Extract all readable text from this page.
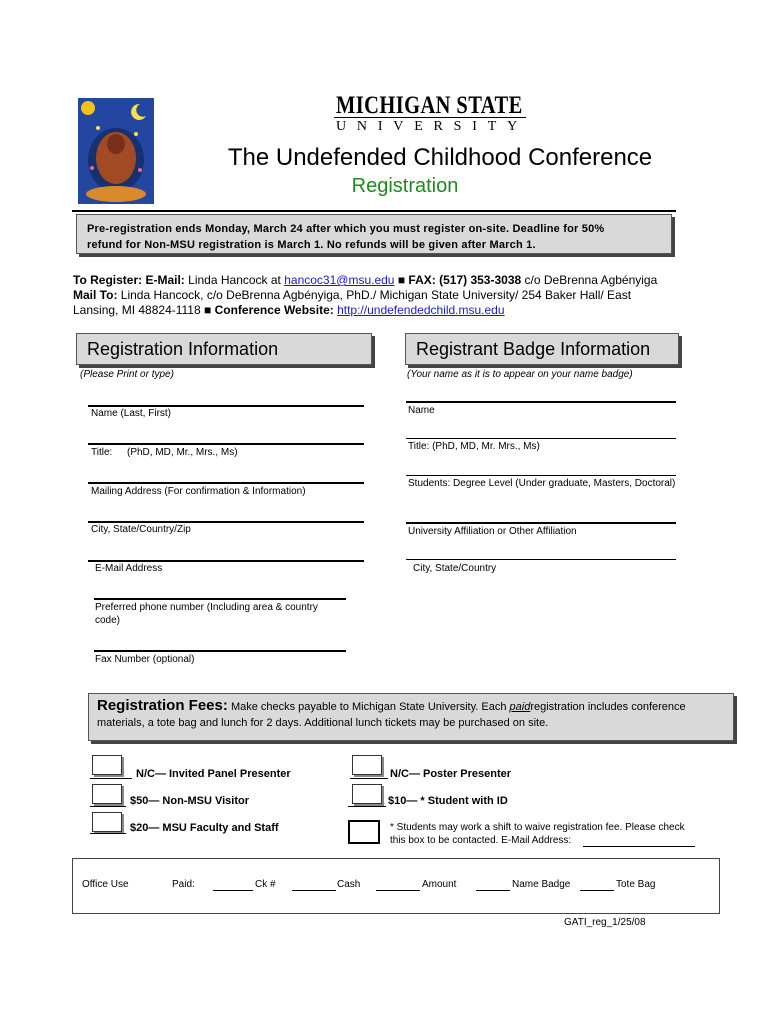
MICHIGAN STATE
UNIVERSITY
The Undefended Childhood Conference
Registration
Pre-registration ends Monday, March 24 after which you must register on-site. Deadline for 50%
refund for Non-MSU registration is March 1. No refunds will be given after March 1.
To Register: E-Mail: Linda Hancock at hancoc31@msu.edu ■ FAX: (517) 353-3038 c/o DeBrenna Agbényiga
Mail To: Linda Hancock, c/o DeBrenna Agbényiga, PhD./ Michigan State University/ 254 Baker Hall/ East
Lansing, MI 48824-1118 ■ Conference Website: http://undefendedchild.msu.edu
Registration Information
(Please Print or type)
Name (Last, First)
Title: (PhD, MD, Mr., Mrs., Ms)
Mailing Address (For confirmation & Information)
City, State/Country/Zip
E-Mail Address
Preferred phone number (Including area & country
code)
Fax Number (optional)
Registrant Badge Information
(Your name as it is to appear on your name badge)
Name
Title: (PhD, MD, Mr. Mrs., Ms)
Students: Degree Level (Under graduate, Masters, Doctoral)
University Affiliation or Other Affiliation
City, State/Country
Registration Fees: Make checks payable to Michigan State University. Each paidregistration includes conference
materials, a tote bag and lunch for 2 days. Additional lunch tickets may be purchased on site.
N/C— Invited Panel Presenter	N/C— Poster Presenter
$50— Non-MSU Visitor	$10— * Student with ID
$20— MSU Faculty and Staff	* Students may work a shift to waive registration fee. Please check
this box to be contacted. E-Mail Address:
Office Use	Paid:	Ck #	Cash	Amount	Name Badge	Tote Bag
GATI_reg_1/25/08
